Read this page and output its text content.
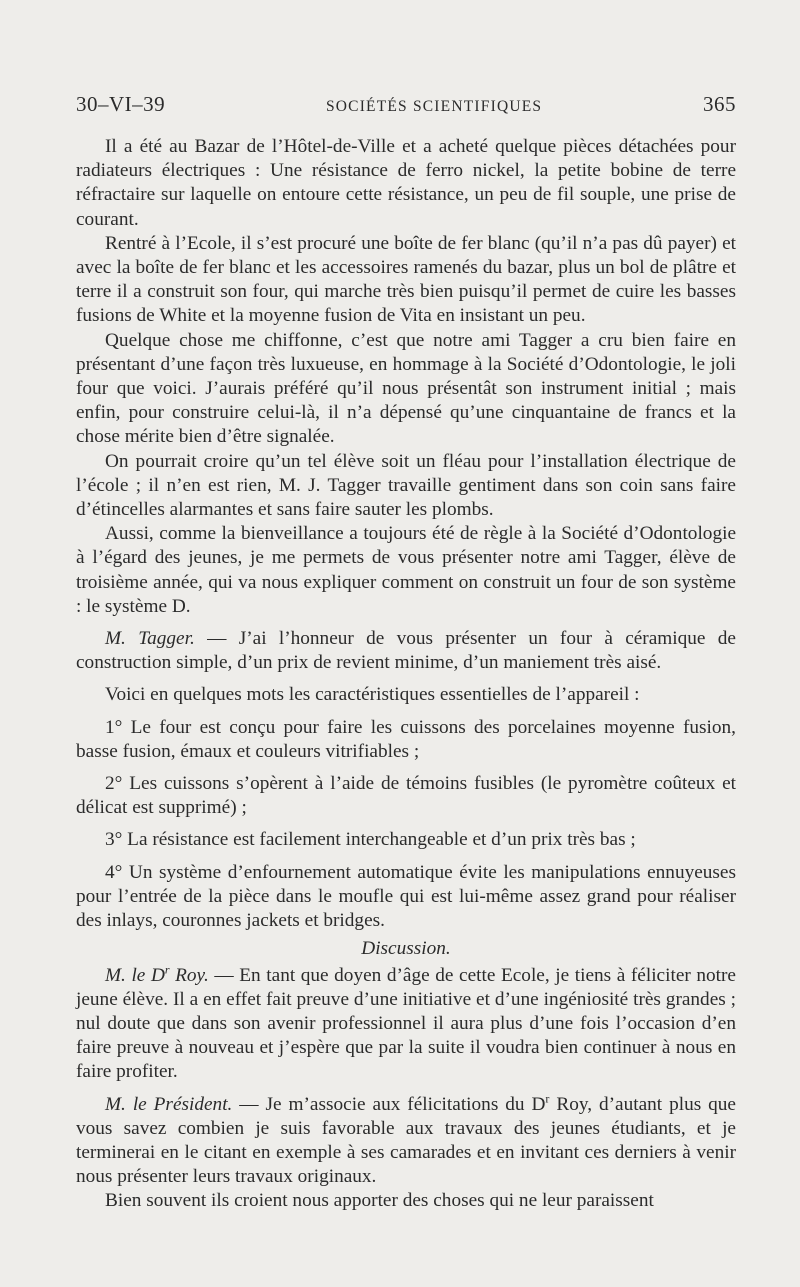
30–VI–39	SOCIÉTÉS SCIENTIFIQUES	365

Il a été au Bazar de l’Hôtel-de-Ville et a acheté quelque pièces détachées pour radiateurs électriques : Une résistance de ferro nickel, la petite bobine de terre réfractaire sur laquelle on entoure cette résistance, un peu de fil souple, une prise de courant.

Rentré à l’Ecole, il s’est procuré une boîte de fer blanc (qu’il n’a pas dû payer) et avec la boîte de fer blanc et les accessoires ramenés du bazar, plus un bol de plâtre et terre il a construit son four, qui marche très bien puisqu’il permet de cuire les basses fusions de White et la moyenne fusion de Vita en insistant un peu.

Quelque chose me chiffonne, c’est que notre ami Tagger a cru bien faire en présentant d’une façon très luxueuse, en hommage à la Société d’Odontologie, le joli four que voici. J’aurais préféré qu’il nous présentât son instrument initial ; mais enfin, pour construire celui-là, il n’a dépensé qu’une cinquantaine de francs et la chose mérite bien d’être signalée.

On pourrait croire qu’un tel élève soit un fléau pour l’installation électrique de l’école ; il n’en est rien, M. J. Tagger travaille gentiment dans son coin sans faire d’étincelles alarmantes et sans faire sauter les plombs.

Aussi, comme la bienveillance a toujours été de règle à la Société d’Odontologie à l’égard des jeunes, je me permets de vous présenter notre ami Tagger, élève de troisième année, qui va nous expliquer comment on construit un four de son système : le système D.

M. Tagger. — J’ai l’honneur de vous présenter un four à céramique de construction simple, d’un prix de revient minime, d’un maniement très aisé.

Voici en quelques mots les caractéristiques essentielles de l’appareil :

1° Le four est conçu pour faire les cuissons des porcelaines moyenne fusion, basse fusion, émaux et couleurs vitrifiables ;

2° Les cuissons s’opèrent à l’aide de témoins fusibles (le pyromètre coûteux et délicat est supprimé) ;

3° La résistance est facilement interchangeable et d’un prix très bas ;

4° Un système d’enfournement automatique évite les manipulations ennuyeuses pour l’entrée de la pièce dans le moufle qui est lui-même assez grand pour réaliser des inlays, couronnes jackets et bridges.

Discussion.

M. le $D^r$ Roy. — En tant que doyen d’âge de cette Ecole, je tiens à féliciter notre jeune élève. Il a en effet fait preuve d’une initiative et d’une ingéniosité très grandes ; nul doute que dans son avenir professionnel il aura plus d’une fois l’occasion d’en faire preuve à nouveau et j’espère que par la suite il voudra bien continuer à nous en faire profiter.

M. le Président. — Je m’associe aux félicitations du $D^r$ Roy, d’autant plus que vous savez combien je suis favorable aux travaux des jeunes étudiants, et je terminerai en le citant en exemple à ses camarades et en invitant ces derniers à venir nous présenter leurs travaux originaux.

Bien souvent ils croient nous apporter des choses qui ne leur paraissent
